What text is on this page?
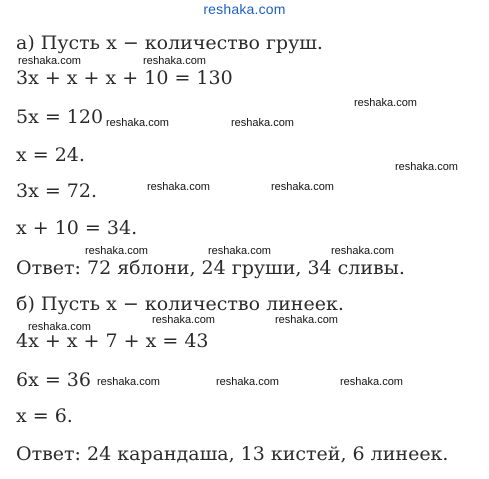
reshaka.com
а) Пусть x − количество груш.
3x + x + x + 10 = 130
5x = 120
x = 24.
3x = 72.
x + 10 = 34.
Ответ: 72 яблони, 24 груши, 34 сливы.
б) Пусть x − количество линеек.
4x + x + 7 + x = 43
6x = 36
x = 6.
Ответ: 24 карандаша, 13 кистей, 6 линеек.
reshaka.com	reshaka.com
reshaka.com
reshaka.com	reshaka.com
reshaka.com
reshaka.com	reshaka.com
reshaka.com	reshaka.com	reshaka.com
reshaka.com	reshaka.com
reshaka.com
reshaka.com	reshaka.com	reshaka.com
